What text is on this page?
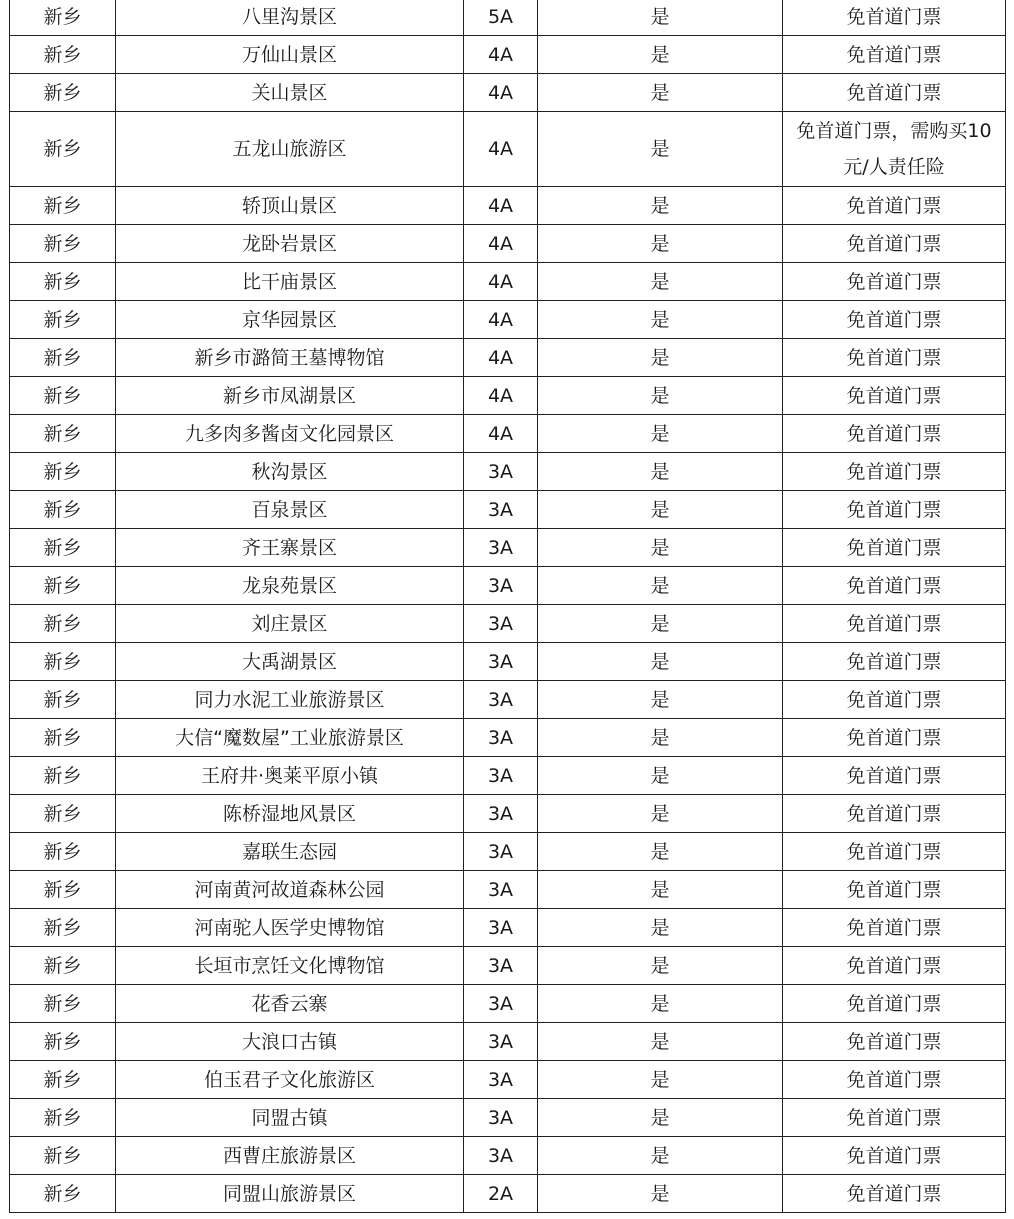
新乡	八里沟景区	5A	是	免首道门票
新乡	万仙山景区	4A	是	免首道门票
新乡	关山景区	4A	是	免首道门票
新乡	五龙山旅游区	4A	是	免首道门票，需购买10元/人责任险
新乡	轿顶山景区	4A	是	免首道门票
新乡	龙卧岩景区	4A	是	免首道门票
新乡	比干庙景区	4A	是	免首道门票
新乡	京华园景区	4A	是	免首道门票
新乡	新乡市潞简王墓博物馆	4A	是	免首道门票
新乡	新乡市凤湖景区	4A	是	免首道门票
新乡	九多肉多酱卤文化园景区	4A	是	免首道门票
新乡	秋沟景区	3A	是	免首道门票
新乡	百泉景区	3A	是	免首道门票
新乡	齐王寨景区	3A	是	免首道门票
新乡	龙泉苑景区	3A	是	免首道门票
新乡	刘庄景区	3A	是	免首道门票
新乡	大禹湖景区	3A	是	免首道门票
新乡	同力水泥工业旅游景区	3A	是	免首道门票
新乡	大信“魔数屋”工业旅游景区	3A	是	免首道门票
新乡	王府井·奥莱平原小镇	3A	是	免首道门票
新乡	陈桥湿地风景区	3A	是	免首道门票
新乡	嘉联生态园	3A	是	免首道门票
新乡	河南黄河故道森林公园	3A	是	免首道门票
新乡	河南驼人医学史博物馆	3A	是	免首道门票
新乡	长垣市烹饪文化博物馆	3A	是	免首道门票
新乡	花香云寨	3A	是	免首道门票
新乡	大浪口古镇	3A	是	免首道门票
新乡	伯玉君子文化旅游区	3A	是	免首道门票
新乡	同盟古镇	3A	是	免首道门票
新乡	西曹庄旅游景区	3A	是	免首道门票
新乡	同盟山旅游景区	2A	是	免首道门票
